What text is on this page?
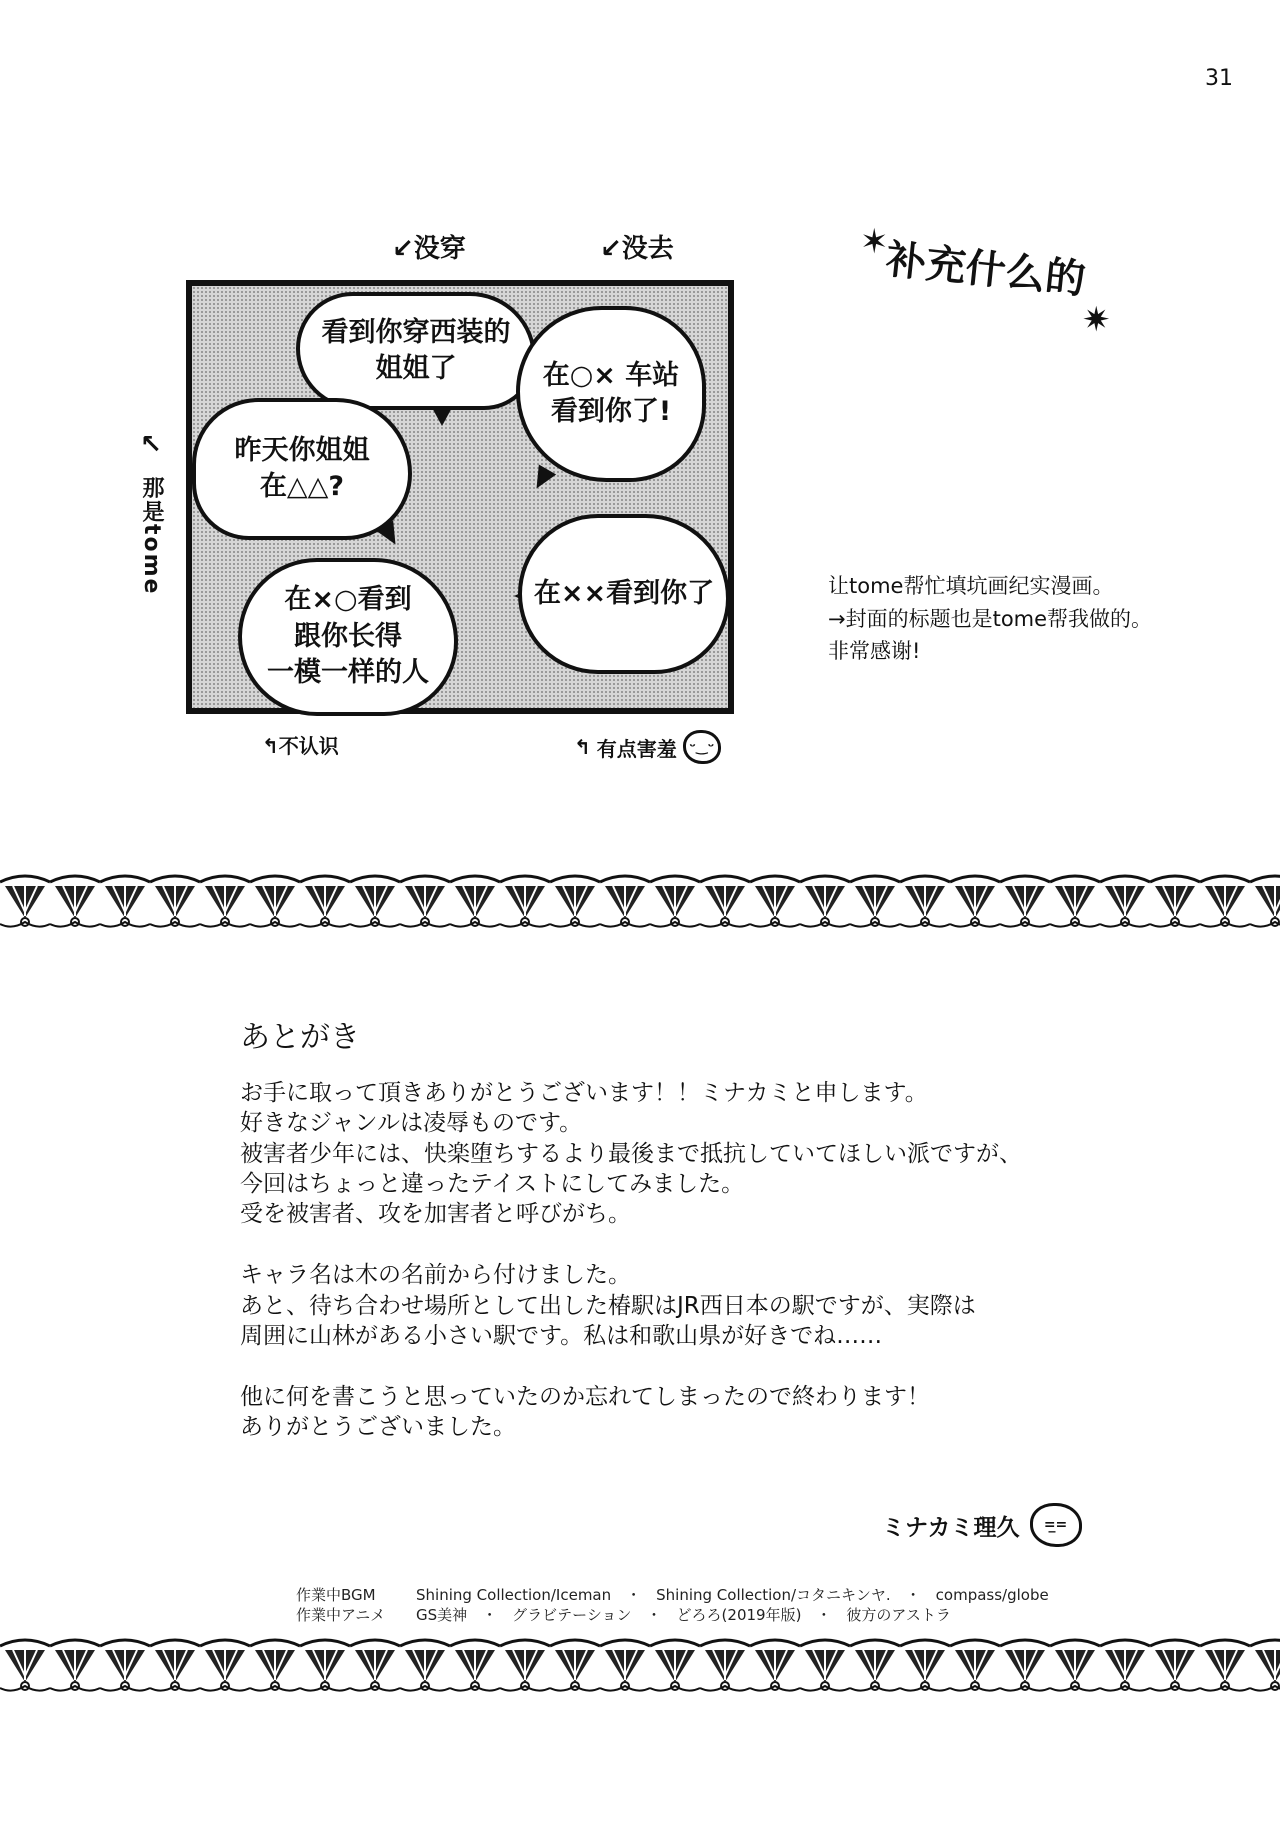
31
↙没穿	↙没去
↖
那是tome
看到你穿西装的
姐姐了
昨天你姐姐
在△△?
在○× 车站
看到你了!
在×○看到
跟你长得
一模一样的人
在××看到你了
↰不认识	↰ 有点害羞 ᵕ‿ᵕ
✶
补充什么的
✷
让tome帮忙填坑画纪实漫画。
→封面的标题也是tome帮我做的。
非常感谢!
あとがき
お手に取って頂きありがとうございます！！ミナカミと申します。
好きなジャンルは凌辱ものです。
被害者少年には、快楽堕ちするより最後まで抵抗していてほしい派ですが、
今回はちょっと違ったテイストにしてみました。
受を被害者、攻を加害者と呼びがち。

キャラ名は木の名前から付けました。
あと、待ち合わせ場所として出した椿駅はJR西日本の駅ですが、実際は
周囲に山林がある小さい駅です。私は和歌山県が好きでね……

他に何を書こうと思っていたのか忘れてしまったので終わります！
ありがとうございました。
ミナカミ理久	=̲=
作業中BGM	Shining Collection/Iceman　・　Shining Collection/コタニキンヤ.　・　compass/globe
作業中アニメ GS美神　・　グラビテーション　・　どろろ(2019年版)　・　彼方のアストラ
